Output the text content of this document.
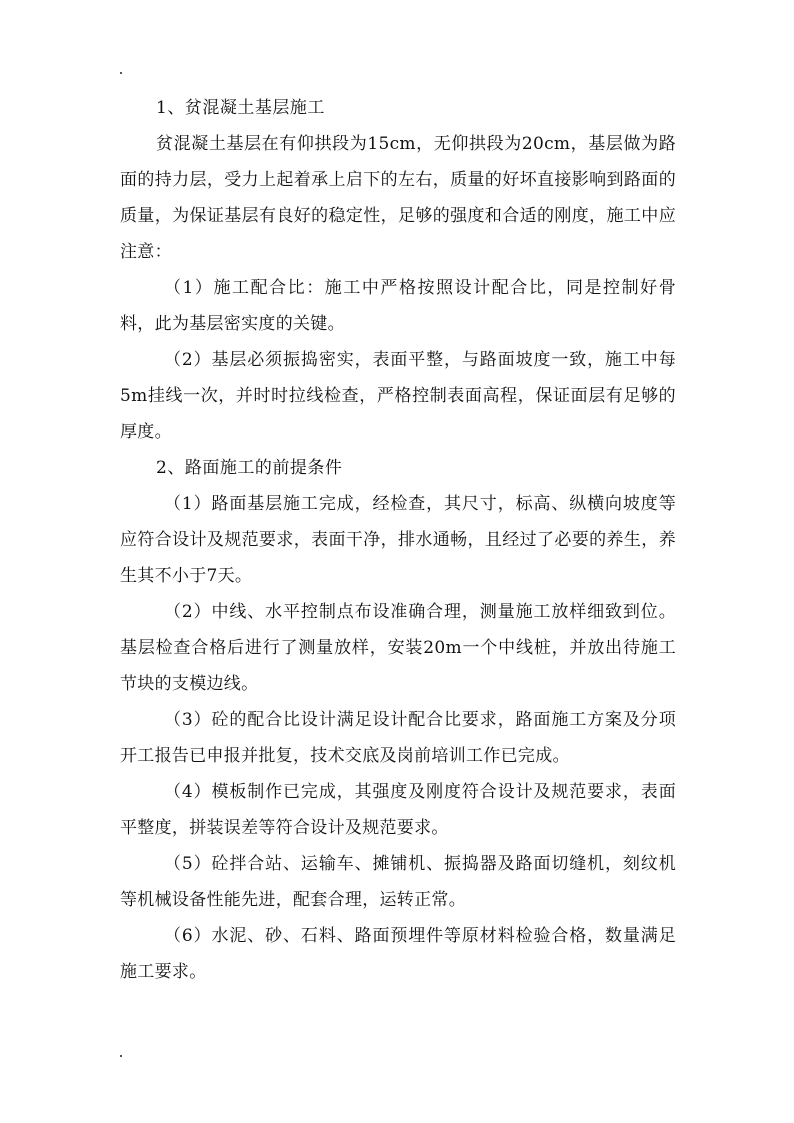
1、贫混凝土基层施工

贫混凝土基层在有仰拱段为15cm，无仰拱段为20cm，基层做为路面的持力层，受力上起着承上启下的左右，质量的好坏直接影响到路面的质量，为保证基层有良好的稳定性，足够的强度和合适的刚度，施工中应注意：

（1）施工配合比：施工中严格按照设计配合比，同是控制好骨料，此为基层密实度的关键。

（2）基层必须振捣密实，表面平整，与路面坡度一致，施工中每5m挂线一次，并时时拉线检查，严格控制表面高程，保证面层有足够的厚度。

2、路面施工的前提条件

（1）路面基层施工完成，经检查，其尺寸，标高、纵横向坡度等应符合设计及规范要求，表面干净，排水通畅，且经过了必要的养生，养生其不小于7天。

（2）中线、水平控制点布设准确合理，测量施工放样细致到位。基层检查合格后进行了测量放样，安装20m一个中线桩，并放出待施工节块的支模边线。

（3）砼的配合比设计满足设计配合比要求，路面施工方案及分项开工报告已申报并批复，技术交底及岗前培训工作已完成。

（4）模板制作已完成，其强度及刚度符合设计及规范要求，表面平整度，拼装误差等符合设计及规范要求。

（5）砼拌合站、运输车、摊铺机、振捣器及路面切缝机，刻纹机等机械设备性能先进，配套合理，运转正常。

（6）水泥、砂、石料、路面预埋件等原材料检验合格，数量满足施工要求。
